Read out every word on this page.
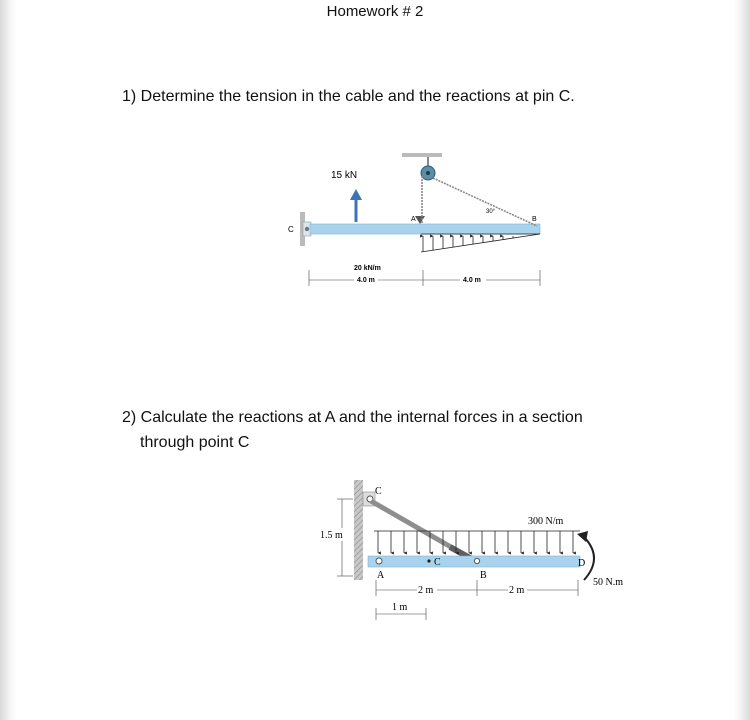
Homework # 2
1) Determine the tension in the cable and the reactions at pin C.
2) Calculate the reactions at A and the internal forces in a section
through point C
C
15 kN
A
30°
B
20 kN/m
4.0 m	4.0 m
C
C
A	B
D
300 N/m
50 N.m
1.5 m
2 m	2 m
1 m
